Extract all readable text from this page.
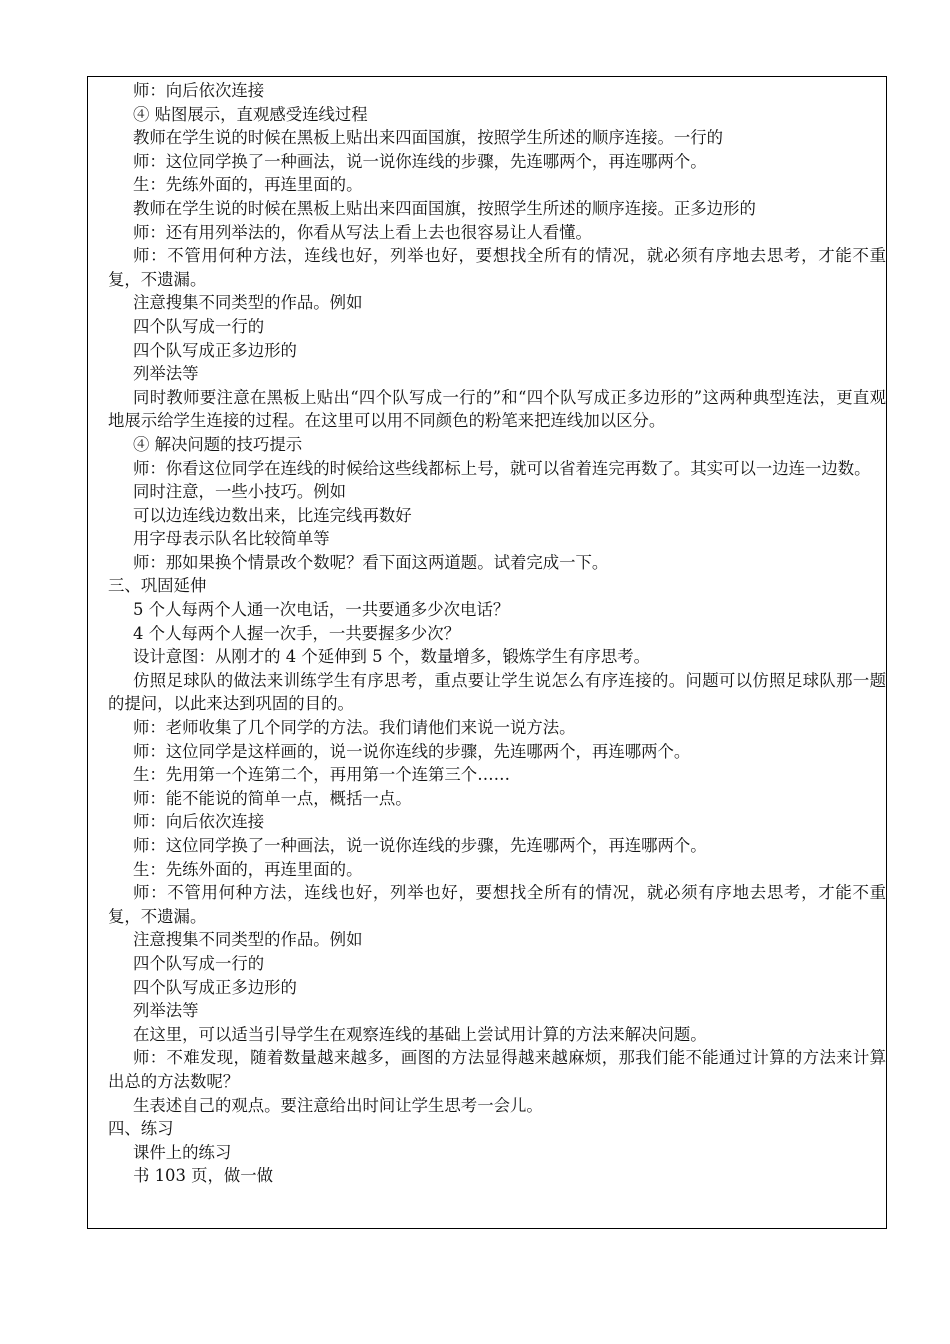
师：向后依次连接

④ 贴图展示，直观感受连线过程

教师在学生说的时候在黑板上贴出来四面国旗，按照学生所述的顺序连接。一行的

师：这位同学换了一种画法，说一说你连线的步骤，先连哪两个，再连哪两个。

生：先练外面的，再连里面的。

教师在学生说的时候在黑板上贴出来四面国旗，按照学生所述的顺序连接。正多边形的

师：还有用列举法的，你看从写法上看上去也很容易让人看懂。

师：不管用何种方法，连线也好，列举也好，要想找全所有的情况，就必须有序地去思考，才能不重复，不遗漏。

注意搜集不同类型的作品。例如

四个队写成一行的

四个队写成正多边形的

列举法等

同时教师要注意在黑板上贴出“四个队写成一行的”和“四个队写成正多边形的”这两种典型连法，更直观地展示给学生连接的过程。在这里可以用不同颜色的粉笔来把连线加以区分。

④ 解决问题的技巧提示

师：你看这位同学在连线的时候给这些线都标上号，就可以省着连完再数了。其实可以一边连一边数。

同时注意，一些小技巧。例如

可以边连线边数出来，比连完线再数好

用字母表示队名比较简单等

师：那如果换个情景改个数呢？看下面这两道题。试着完成一下。

三、巩固延伸

5 个人每两个人通一次电话，一共要通多少次电话？

4 个人每两个人握一次手，一共要握多少次？

设计意图：从刚才的 4 个延伸到 5 个，数量增多，锻炼学生有序思考。

仿照足球队的做法来训练学生有序思考，重点要让学生说怎么有序连接的。问题可以仿照足球队那一题的提问，以此来达到巩固的目的。

师：老师收集了几个同学的方法。我们请他们来说一说方法。

师：这位同学是这样画的，说一说你连线的步骤，先连哪两个，再连哪两个。

生：先用第一个连第二个，再用第一个连第三个……

师：能不能说的简单一点，概括一点。

师：向后依次连接

师：这位同学换了一种画法，说一说你连线的步骤，先连哪两个，再连哪两个。

生：先练外面的，再连里面的。

师：不管用何种方法，连线也好，列举也好，要想找全所有的情况，就必须有序地去思考，才能不重复，不遗漏。

注意搜集不同类型的作品。例如

四个队写成一行的

四个队写成正多边形的

列举法等

在这里，可以适当引导学生在观察连线的基础上尝试用计算的方法来解决问题。

师：不难发现，随着数量越来越多，画图的方法显得越来越麻烦，那我们能不能通过计算的方法来计算出总的方法数呢？

生表述自己的观点。要注意给出时间让学生思考一会儿。

四、练习

课件上的练习

书 103 页，做一做
